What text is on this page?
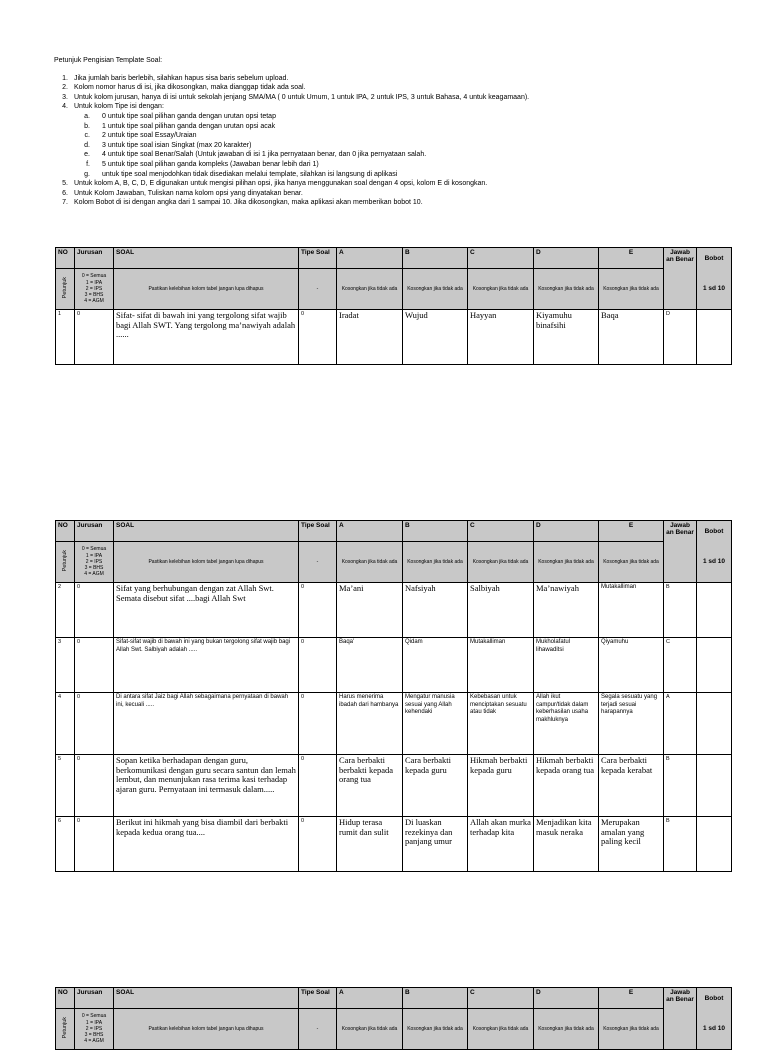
Petunjuk Pengisian Template Soal:
1. Jika jumlah baris berlebih, silahkan hapus sisa baris sebelum upload.
2. Kolom nomor harus di isi, jika dikosongkan, maka dianggap tidak ada soal.
3. Untuk kolom jurusan, hanya di isi untuk sekolah jenjang SMA/MA ( 0 untuk Umum, 1 untuk IPA, 2 untuk IPS, 3 untuk Bahasa, 4 untuk keagamaan).
4. Untuk kolom Tipe isi dengan:
a.	0 untuk tipe soal pilihan ganda dengan urutan opsi tetap
b.	1 untuk tipe soal pilihan ganda dengan urutan opsi acak
c.	2 untuk tipe soal Essay/Uraian
d.	3 untuk tipe soal isian Singkat (max 20 karakter)
e.	4 untuk tipe soal Benar/Salah (Untuk jawaban di isi 1 jika pernyataan benar, dan 0 jika pernyataan salah.
f.	5 untuk tipe soal pilihan ganda kompleks (Jawaban benar lebih dari 1)
g.	untuk tipe soal menjodohkan tidak disediakan melalui template, silahkan isi langsung di aplikasi
5. Untuk kolom A, B, C, D, E digunakan untuk mengisi pilihan opsi, jika hanya menggunakan soal dengan 4 opsi, kolom E di kosongkan.
6. Untuk Kolom Jawaban, Tuliskan nama kolom opsi yang dinyatakan benar.
7. Kolom Bobot di isi dengan angka dari 1 sampai 10. Jika dikosongkan, maka aplikasi akan memberikan bobot 10.
NO	Jurusan	SOAL	Tipe Soal	A	B	C	D	E	Jawab an Benar	Bobot
Petunjuk	0 = Semua
1 = IPA
2 = IPS
3 = BHS
4 = AGM	Pastikan kelebihan kolom tabel jangan lupa dihapus	-	Kosongkan jika tidak ada	Kosongkan jika tidak ada	Kosongkan jika tidak ada	Kosongkan jika tidak ada	Kosongkan jika tidak ada		1 sd 10
1	0	Sifat- sifat di bawah ini yang tergolong sifat wajib bagi Allah SWT. Yang tergolong ma’nawiyah adalah ......	0	Iradat	Wujud	Hayyan	Kiyamuhu binafsihi	Baqa	D	
NO	Jurusan	SOAL	Tipe Soal	A	B	C	D	E	Jawab an Benar	Bobot
Petunjuk	0 = Semua
1 = IPA
2 = IPS
3 = BHS
4 = AGM	Pastikan kelebihan kolom tabel jangan lupa dihapus	-	Kosongkan jika tidak ada	Kosongkan jika tidak ada	Kosongkan jika tidak ada	Kosongkan jika tidak ada	Kosongkan jika tidak ada		1 sd 10
2	0	Sifat yang berhubungan dengan zat Allah Swt. Semata disebut sifat ....bagi Allah Swt	0	Ma’ani	Nafsiyah	Salbiyah	Ma’nawiyah	Mutakalliman	B	
3	0	Sifat-sifat wajib di bawah ini yang bukan tergolong sifat wajib bagi Allah Swt. Salbiyah adalah .....	0	Baqa'	Qidam	Mutakalliman	Mukholafatul lihawaditsi	Qiyamuhu	C	
4	0	Di antara sifat Jaiz bagi Allah sebagaimana pernyataan di bawah ini, kecuali .....	0	Harus menerima ibadah dari hambanya	Mengatur manusia sesuai yang Allah kehendaki	Kebebasan untuk menciptakan sesuatu atau tidak	Allah ikut campur/tidak dalam keberhasilan usaha makhluknya	Segala sesuatu yang terjadi sesuai harapannya	A	
5	0	Sopan ketika berhadapan dengan guru, berkomunikasi dengan guru secara santun dan lemah lembut, dan menunjukan rasa terima kasi terhadap ajaran guru. Pernyataan ini termasuk dalam.....	0	Cara berbakti berbakti kepada orang tua	Cara berbakti kepada guru	Hikmah berbakti kepada guru	Hikmah berbakti kepada orang tua	Cara berbakti kepada kerabat	B	
6	0	Berikut ini hikmah yang bisa diambil dari berbakti kepada kedua orang tua....	0	Hidup terasa rumit dan sulit	Di luaskan rezekinya dan panjang umur	Allah akan murka terhadap kita	Menjadikan kita masuk neraka	Merupakan amalan yang paling kecil	B	
NO	Jurusan	SOAL	Tipe Soal	A	B	C	D	E	Jawab an Benar	Bobot
Petunjuk	0 = Semua
1 = IPA
2 = IPS
3 = BHS
4 = AGM	Pastikan kelebihan kolom tabel jangan lupa dihapus	-	Kosongkan jika tidak ada	Kosongkan jika tidak ada	Kosongkan jika tidak ada	Kosongkan jika tidak ada	Kosongkan jika tidak ada		1 sd 10
